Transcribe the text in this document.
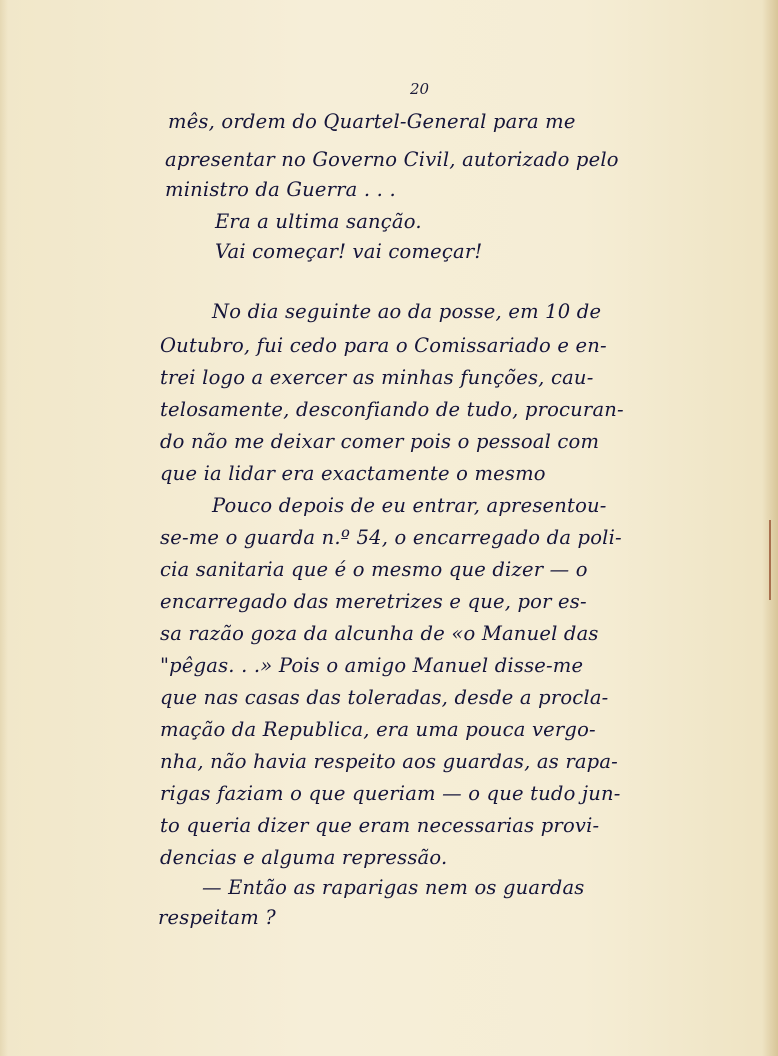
20
mês, ordem do Quartel-General para me
apresentar no Governo Civil, autorizado pelo
ministro da Guerra . . .
Era a ultima sanção.
Vai começar! vai começar!
No dia seguinte ao da posse, em 10 de
Outubro, fui cedo para o Comissariado e en-
trei logo a exercer as minhas funções, cau-
telosamente, desconfiando de tudo, procuran-
do não me deixar comer pois o pessoal com
que ia lidar era exactamente o mesmo
Pouco depois de eu entrar, apresentou-
se-me o guarda n.º 54, o encarregado da poli-
cia sanitaria que é o mesmo que dizer — o
encarregado das meretrizes e que, por es-
sa razão goza da alcunha de «o Manuel das
"pêgas. . .» Pois o amigo Manuel disse-me
que nas casas das toleradas, desde a procla-
mação da Republica, era uma pouca vergo-
nha, não havia respeito aos guardas, as rapa-
rigas faziam o que queriam — o que tudo jun-
to queria dizer que eram necessarias provi-
dencias e alguma repressão.
— Então as raparigas nem os guardas
respeitam ?
